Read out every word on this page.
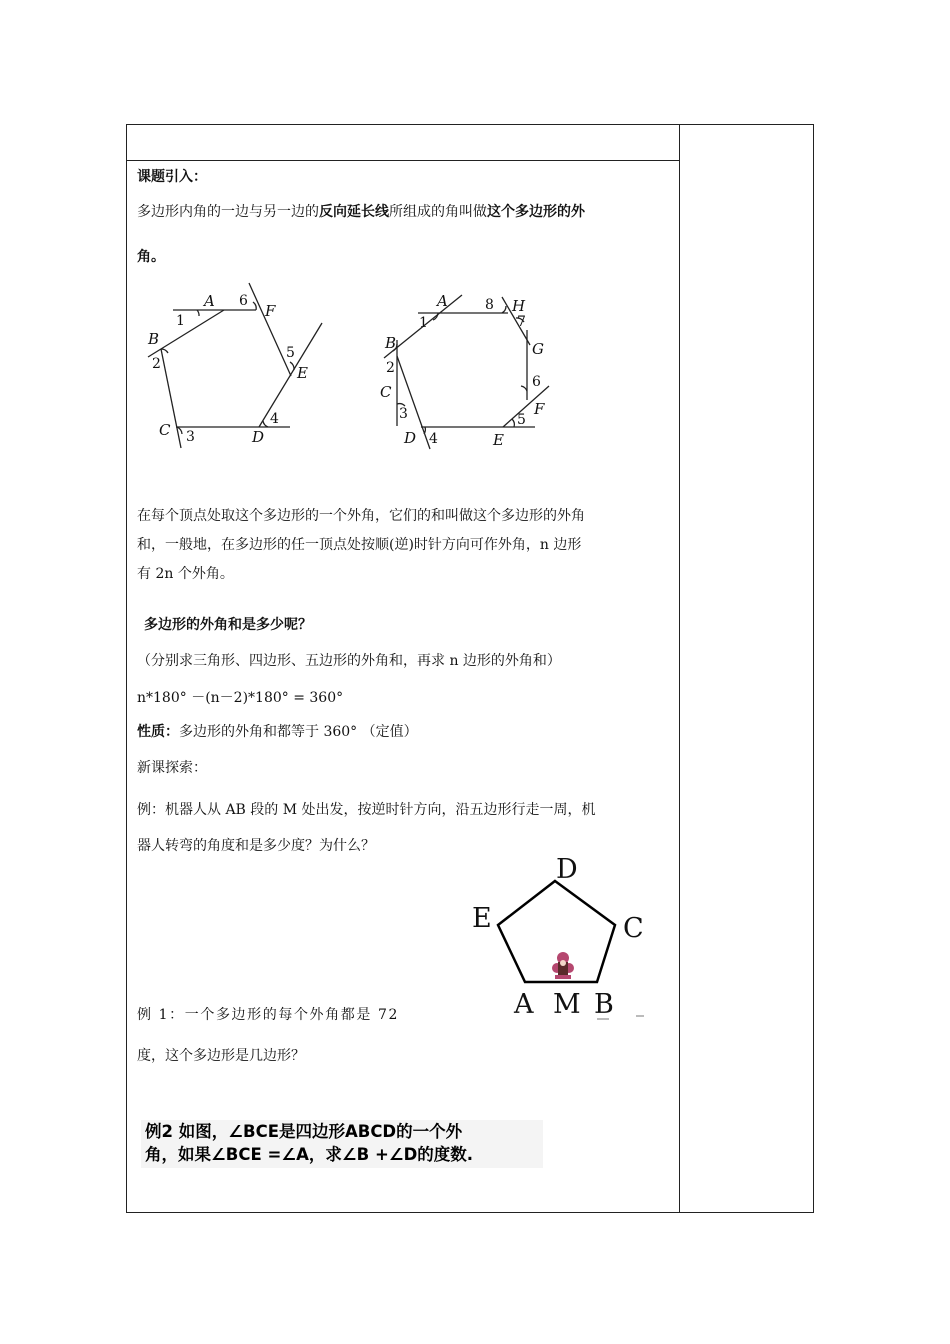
课题引入：
多边形内角的一边与另一边的反向延长线所组成的角叫做这个多边形的外
角。
A
B
C	D
E
F
1
2
3
4
5
6	A
B
C
D	E
F
G
H
1
2
3
4
5
6
7
8
在每个顶点处取这个多边形的一个外角，它们的和叫做这个多边形的外角
和，一般地，在多边形的任一顶点处按顺(逆)时针方向可作外角，n 边形
有 2n 个外角。
多边形的外角和是多少呢？
（分别求三角形、四边形、五边形的外角和，再求 n 边形的外角和）
n*180° －(n－2)*180° = 360°
性质：多边形的外角和都等于 360° （定值）
新课探索：
例：机器人从 AB 段的 M 处出发，按逆时针方向，沿五边形行走一周，机
器人转弯的角度和是多少度？为什么？
D
E	C
A M B
例 1：一个多边形的每个外角都是 72
度，这个多边形是几边形？
例2 如图，∠BCE是四边形ABCD的一个外
角，如果∠BCE =∠A，求∠B +∠D的度数.
